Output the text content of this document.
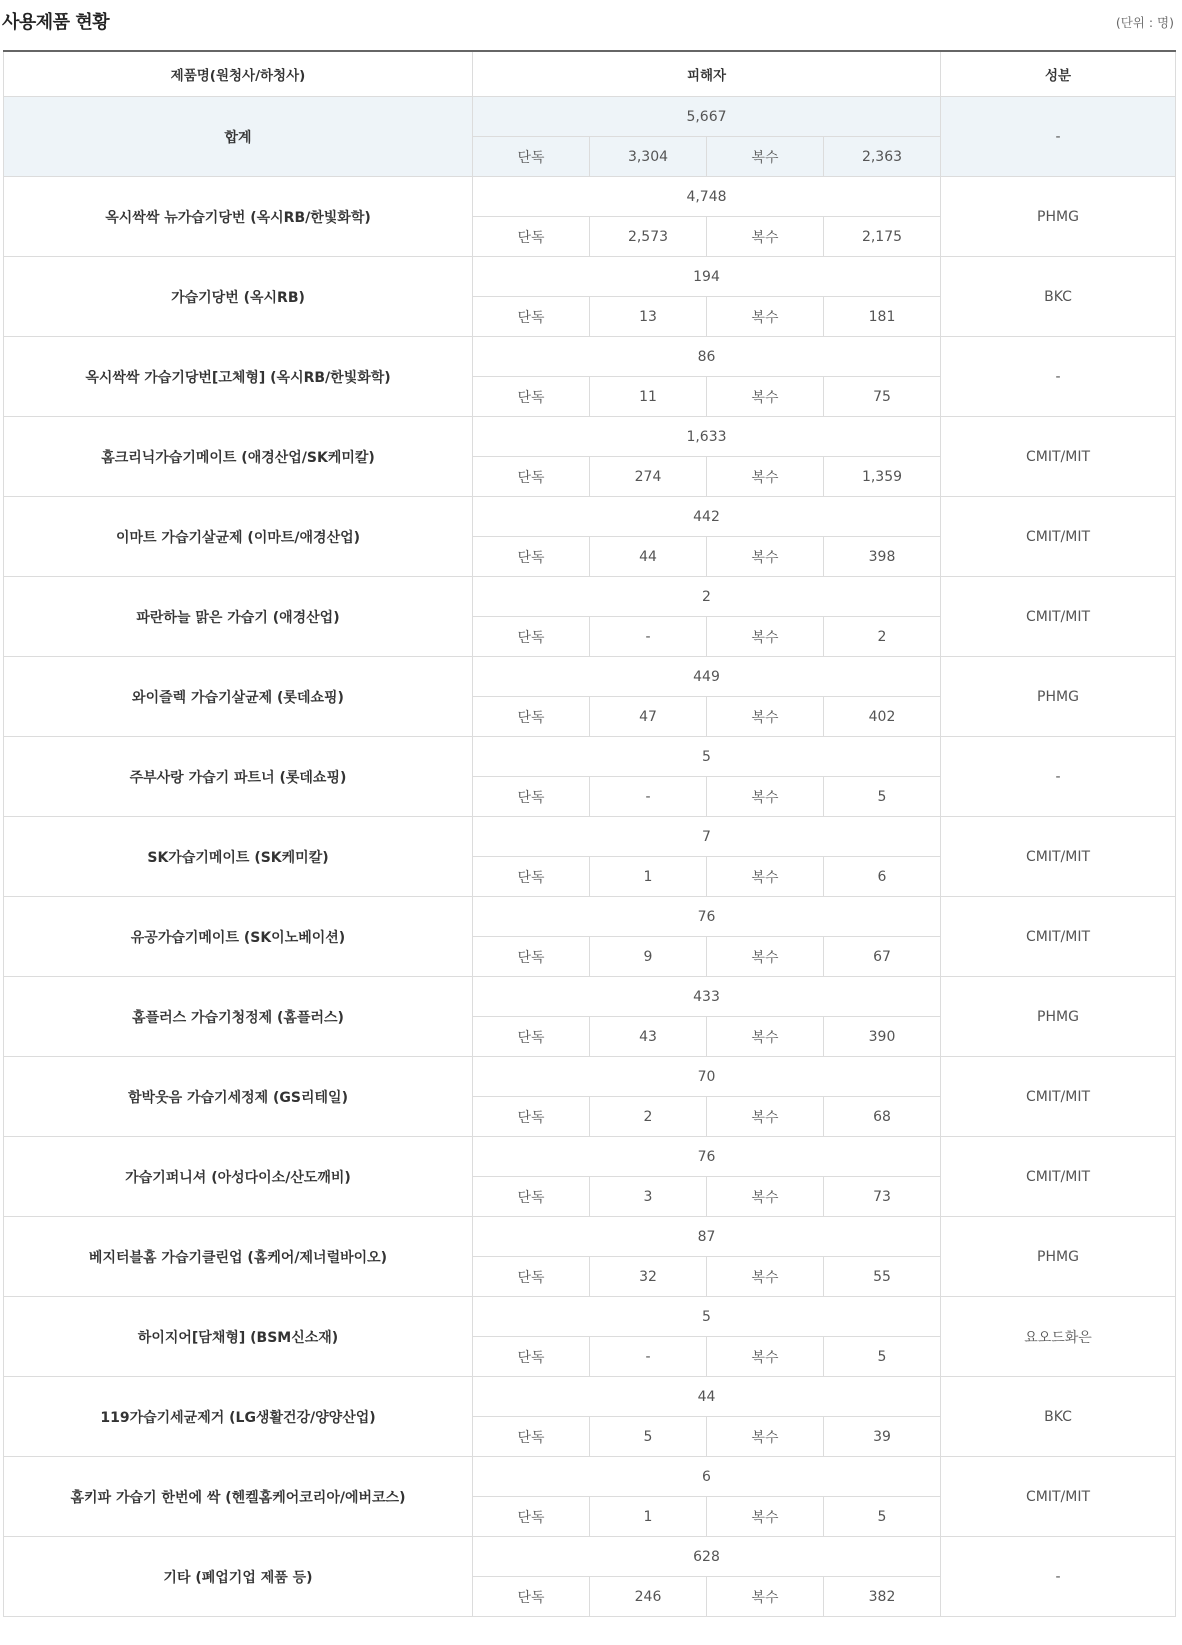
사용제품 현황	(단위 : 명)
제품명(원청사/하청사)	피해자				성분
합계	5,667				-
	단독	3,304	복수	2,363	
옥시싹싹 뉴가습기당번 (옥시RB/한빛화학)	4,748				PHMG
	단독	2,573	복수	2,175	
가습기당번 (옥시RB)	194				BKC
	단독	13	복수	181	
옥시싹싹 가습기당번[고체형] (옥시RB/한빛화학)	86				-
	단독	11	복수	75	
홈크리닉가습기메이트 (애경산업/SK케미칼)	1,633				CMIT/MIT
	단독	274	복수	1,359	
이마트 가습기살균제 (이마트/애경산업)	442				CMIT/MIT
	단독	44	복수	398	
파란하늘 맑은 가습기 (애경산업)	2				CMIT/MIT
	단독	-	복수	2	
와이즐렉 가습기살균제 (롯데쇼핑)	449				PHMG
	단독	47	복수	402	
주부사랑 가습기 파트너 (롯데쇼핑)	5				-
	단독	-	복수	5	
SK가습기메이트 (SK케미칼)	7				CMIT/MIT
	단독	1	복수	6	
유공가습기메이트 (SK이노베이션)	76				CMIT/MIT
	단독	9	복수	67	
홈플러스 가습기청정제 (홈플러스)	433				PHMG
	단독	43	복수	390	
함박웃음 가습기세정제 (GS리테일)	70				CMIT/MIT
	단독	2	복수	68	
가습기퍼니셔 (아성다이소/산도깨비)	76				CMIT/MIT
	단독	3	복수	73	
베지터블홈 가습기클린업 (홈케어/제너럴바이오)	87				PHMG
	단독	32	복수	55	
하이지어[담채형] (BSM신소재)	5				요오드화은
	단독	-	복수	5	
119가습기세균제거 (LG생활건강/양양산업)	44				BKC
	단독	5	복수	39	
홈키파 가습기 한번에 싹 (헨켈홈케어코리아/에버코스)	6				CMIT/MIT
	단독	1	복수	5	
기타 (폐업기업 제품 등)	628				-
	단독	246	복수	382	
